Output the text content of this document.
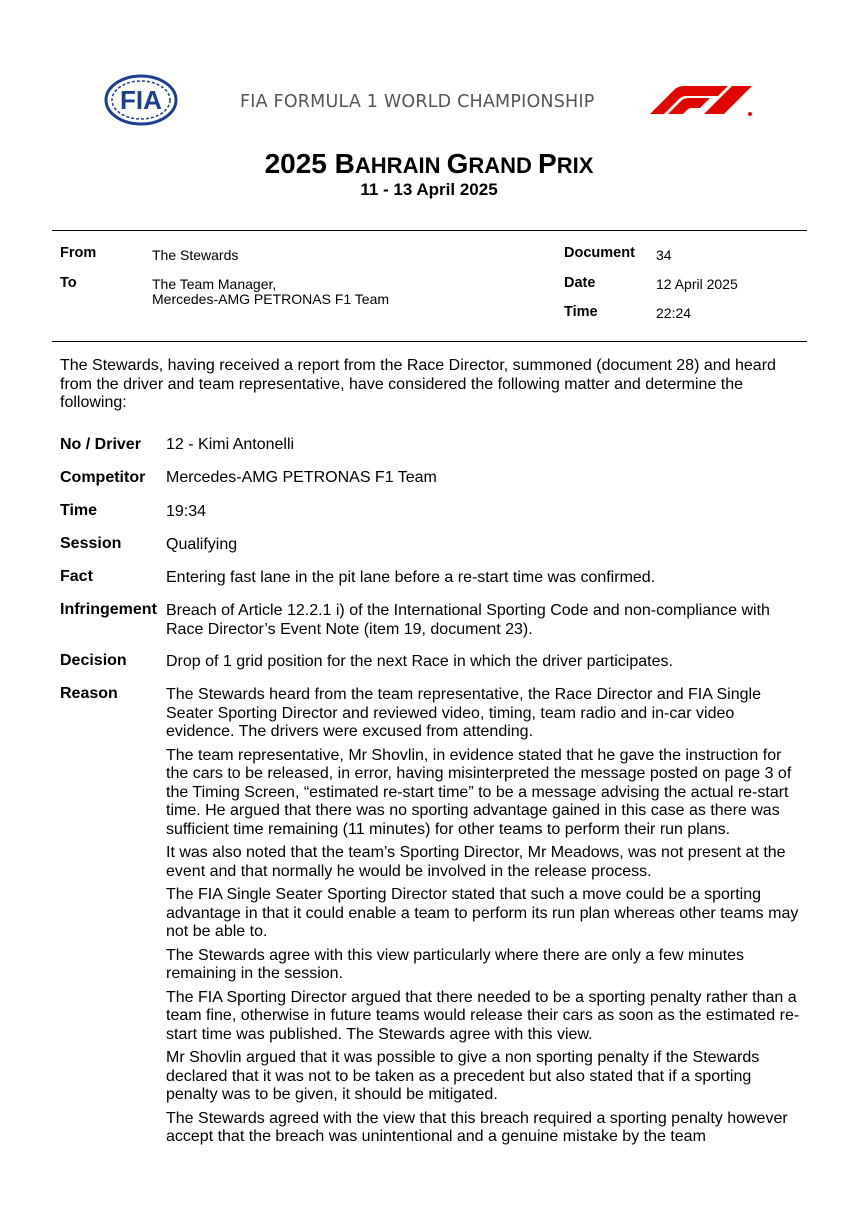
FIA	FIA FORMULA 1 WORLD CHAMPIONSHIP
2025 BAHRAIN GRAND PRIX
11 - 13 April 2025
From	The Stewards
To	The Team Manager,
Mercedes-AMG PETRONAS F1 Team
Document 34
Date	12 April 2025
Time	22:24
The Stewards, having received a report from the Race Director, summoned (document 28) and heard from the driver and team representative, have considered the following matter and determine the following:
No / Driver 12 - Kimi Antonelli
Competitor Mercedes-AMG PETRONAS F1 Team
Time	19:34
Session	Qualifying
Fact	Entering fast lane in the pit lane before a re-start time was confirmed.
Infringement Breach of Article 12.2.1 i) of the International Sporting Code and non-compliance with Race Director’s Event Note (item 19, document 23).
Decision Drop of 1 grid position for the next Race in which the driver participates.
Reason	The Stewards heard from the team representative, the Race Director and FIA Single Seater Sporting Director and reviewed video, timing, team radio and in-car video evidence. The drivers were excused from attending.

The team representative, Mr Shovlin, in evidence stated that he gave the instruction for the cars to be released, in error, having misinterpreted the message posted on page 3 of the Timing Screen, “estimated re-start time” to be a message advising the actual re-start time. He argued that there was no sporting advantage gained in this case as there was sufficient time remaining (11 minutes) for other teams to perform their run plans.

It was also noted that the team’s Sporting Director, Mr Meadows, was not present at the event and that normally he would be involved in the release process.

The FIA Single Seater Sporting Director stated that such a move could be a sporting advantage in that it could enable a team to perform its run plan whereas other teams may not be able to.

The Stewards agree with this view particularly where there are only a few minutes remaining in the session.

The FIA Sporting Director argued that there needed to be a sporting penalty rather than a team fine, otherwise in future teams would release their cars as soon as the estimated re-start time was published. The Stewards agree with this view.

Mr Shovlin argued that it was possible to give a non sporting penalty if the Stewards declared that it was not to be taken as a precedent but also stated that if a sporting penalty was to be given, it should be mitigated.

The Stewards agreed with the view that this breach required a sporting penalty however accept that the breach was unintentional and a genuine mistake by the team
